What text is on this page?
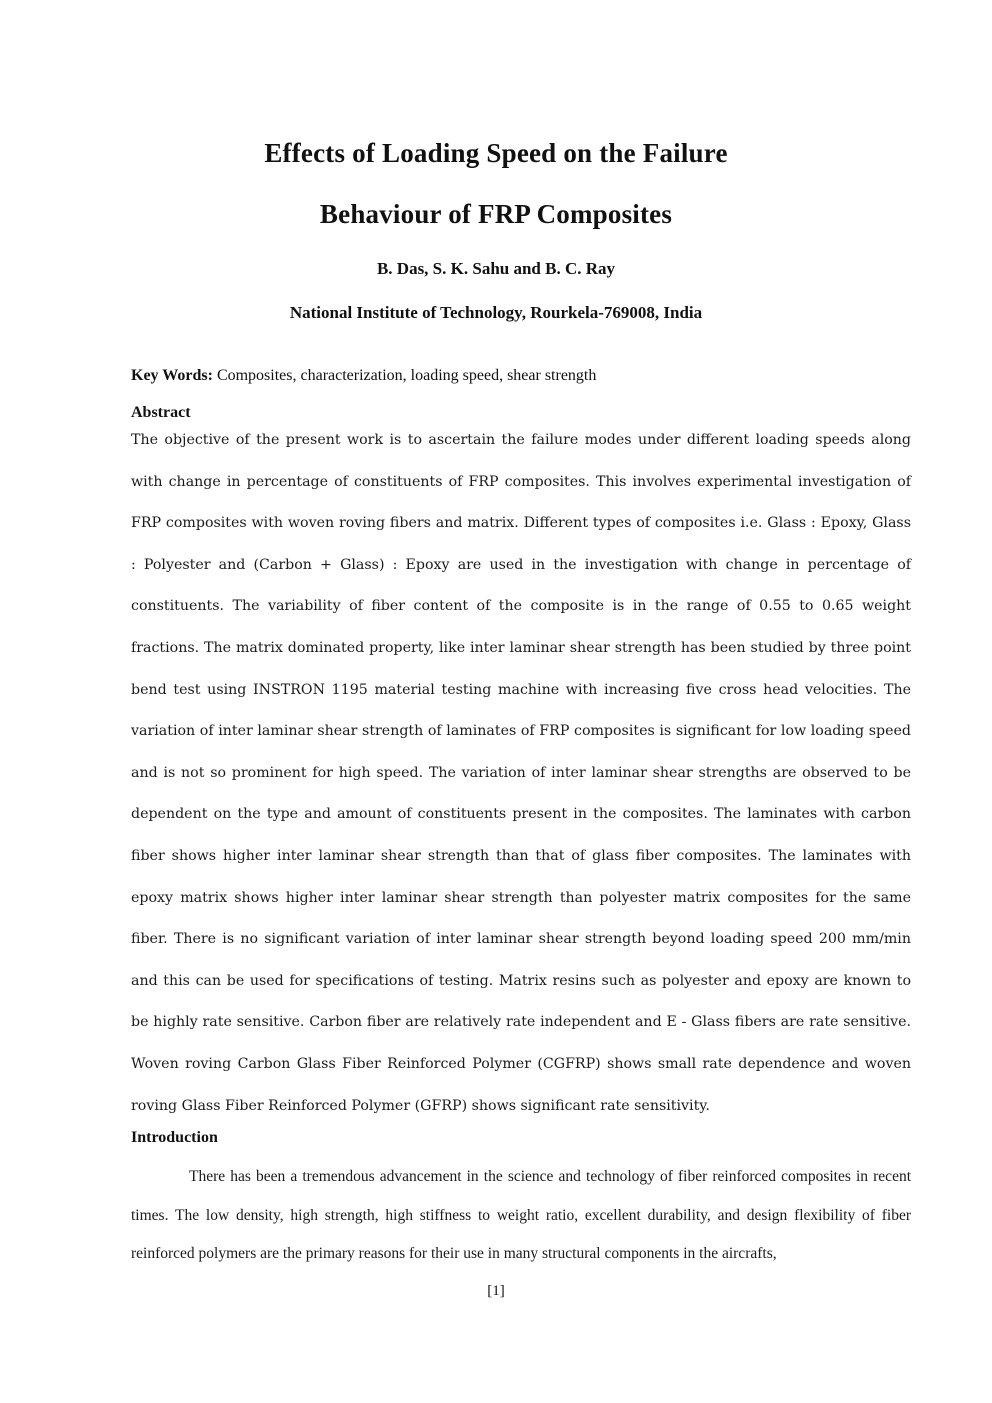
Effects of Loading Speed on the Failure
Behaviour of FRP Composites
B. Das, S. K. Sahu and B. C. Ray
National Institute of Technology, Rourkela-769008, India
Key Words: Composites, characterization, loading speed, shear strength
Abstract

The objective of the present work is to ascertain the failure modes under different loading speeds along with change in percentage of constituents of FRP composites. This involves experimental investigation of FRP composites with woven roving fibers and matrix. Different types of composites i.e. Glass : Epoxy, Glass : Polyester and (Carbon + Glass) : Epoxy are used in the investigation with change in percentage of constituents. The variability of fiber content of the composite is in the range of 0.55 to 0.65 weight fractions. The matrix dominated property, like inter laminar shear strength has been studied by three point bend test using INSTRON 1195 material testing machine with increasing five cross head velocities. The variation of inter laminar shear strength of laminates of FRP composites is significant for low loading speed and is not so prominent for high speed. The variation of inter laminar shear strengths are observed to be dependent on the type and amount of constituents present in the composites. The laminates with carbon fiber shows higher inter laminar shear strength than that of glass fiber composites. The laminates with epoxy matrix shows higher inter laminar shear strength than polyester matrix composites for the same fiber. There is no significant variation of inter laminar shear strength beyond loading speed 200 mm/min and this can be used for specifications of testing. Matrix resins such as polyester and epoxy are known to be highly rate sensitive. Carbon fiber are relatively rate independent and E - Glass fibers are rate sensitive. Woven roving Carbon Glass Fiber Reinforced Polymer (CGFRP) shows small rate dependence and woven roving Glass Fiber Reinforced Polymer (GFRP) shows significant rate sensitivity.

Introduction

There has been a tremendous advancement in the science and technology of fiber reinforced composites in recent times. The low density, high strength, high stiffness to weight ratio, excellent durability, and design flexibility of fiber reinforced polymers are the primary reasons for their use in many structural components in the aircrafts,

[1]
